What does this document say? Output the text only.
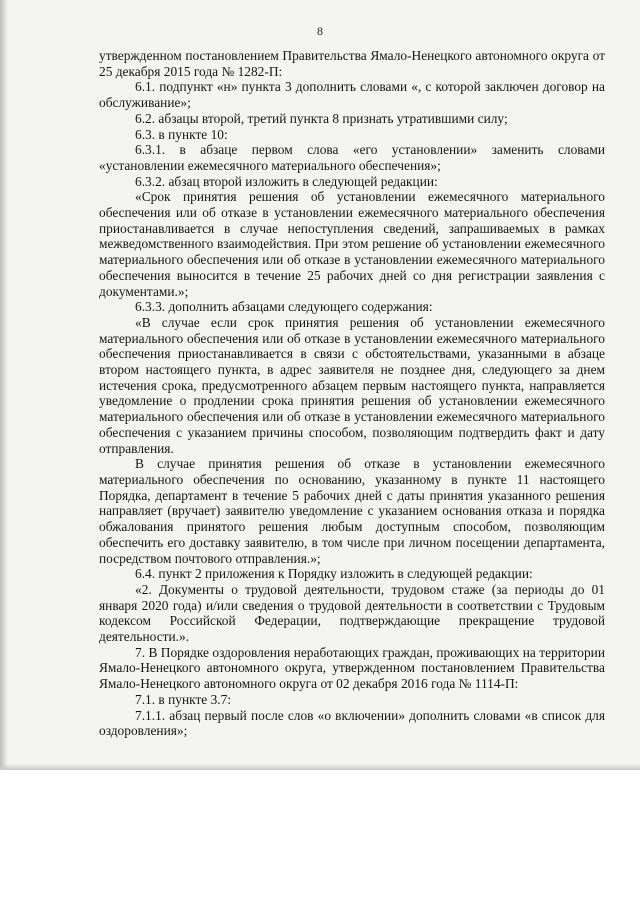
8

утвержденном постановлением Правительства Ямало-Ненецкого автономного округа от 25 декабря 2015 года № 1282-П:

6.1. подпункт «н» пункта 3 дополнить словами «, с которой заключен договор на обслуживание»;

6.2. абзацы второй, третий пункта 8 признать утратившими силу;

6.3. в пункте 10:

6.3.1. в абзаце первом слова «его установлении» заменить словами «установлении ежемесячного материального обеспечения»;

6.3.2. абзац второй изложить в следующей редакции:

«Срок принятия решения об установлении ежемесячного материального обеспечения или об отказе в установлении ежемесячного материального обеспечения приостанавливается в случае непоступления сведений, запрашиваемых в рамках межведомственного взаимодействия. При этом решение об установлении ежемесячного материального обеспечения или об отказе в установлении ежемесячного материального обеспечения выносится в течение 25 рабочих дней со дня регистрации заявления с документами.»;

6.3.3. дополнить абзацами следующего содержания:

«В случае если срок принятия решения об установлении ежемесячного материального обеспечения или об отказе в установлении ежемесячного материального обеспечения приостанавливается в связи с обстоятельствами, указанными в абзаце втором настоящего пункта, в адрес заявителя не позднее дня, следующего за днем истечения срока, предусмотренного абзацем первым настоящего пункта, направляется уведомление о продлении срока принятия решения об установлении ежемесячного материального обеспечения или об отказе в установлении ежемесячного материального обеспечения с указанием причины способом, позволяющим подтвердить факт и дату отправления.

В случае принятия решения об отказе в установлении ежемесячного материального обеспечения по основанию, указанному в пункте 11 настоящего Порядка, департамент в течение 5 рабочих дней с даты принятия указанного решения направляет (вручает) заявителю уведомление с указанием основания отказа и порядка обжалования принятого решения любым доступным способом, позволяющим обеспечить его доставку заявителю, в том числе при личном посещении департамента, посредством почтового отправления.»;

6.4. пункт 2 приложения к Порядку изложить в следующей редакции:

«2. Документы о трудовой деятельности, трудовом стаже (за периоды до 01 января 2020 года) и/или сведения о трудовой деятельности в соответствии с Трудовым кодексом Российской Федерации, подтверждающие прекращение трудовой деятельности.».

7. В Порядке оздоровления неработающих граждан, проживающих на территории Ямало-Ненецкого автономного округа, утвержденном постановлением Правительства Ямало-Ненецкого автономного округа от 02 декабря 2016 года № 1114-П:

7.1. в пункте 3.7:

7.1.1. абзац первый после слов «о включении» дополнить словами «в список для оздоровления»;
